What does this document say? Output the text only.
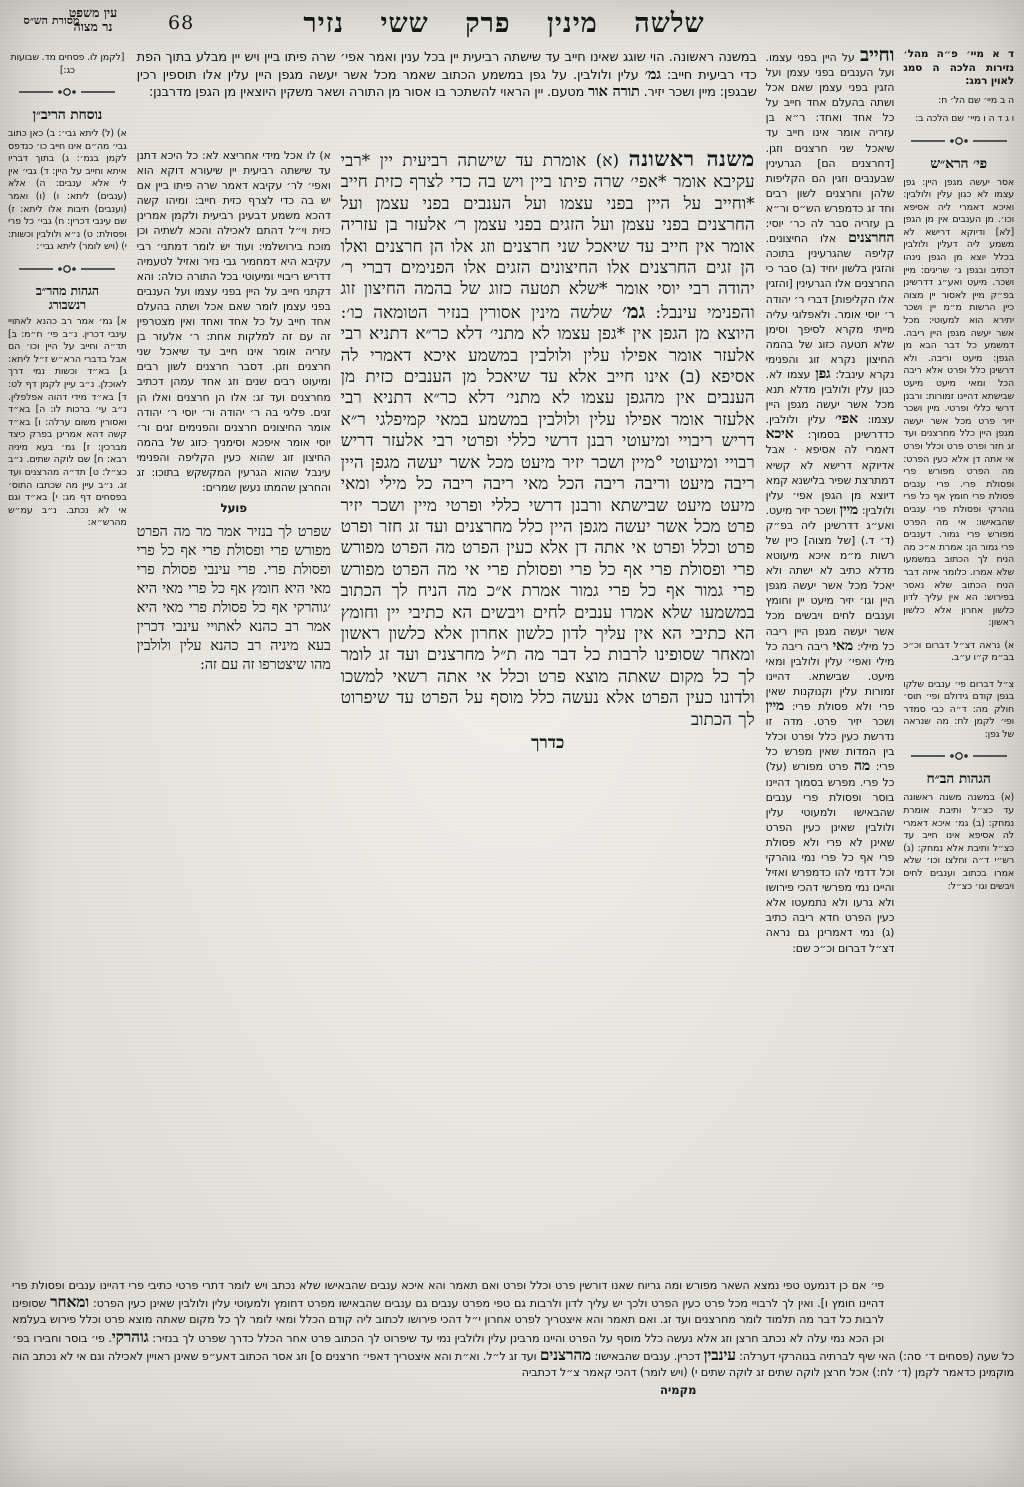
מסורת הש״ס	שלשה מינין פרק ששי נזיר
68
עין משפט
נר מצוה
[לקמן לו. פסחים מד. שבועות כג:]
נוסחת הריב״ן
א) (ל) ליתא גבי׳: ב) כאן כתוב גבי׳ מה״ם אינו חייב כו׳ כנדפס לקמן בגמ׳: ג) בתוך דבריו איתא וחייב על היין: ד) גבי׳ אין לי אלא ענבים: ה) אלא (ענבים) ליתא: ו) (ו) ואמר (וענבים) תיבות אלו ליתא: ז) שם עינבי דכרין: ח) גבי׳ כל פרי ופסולת: ט) נ״א ולולבין וכשות: י) (ויש לומר) ליתא גבי׳:
הגהות מהר״ב
רנשבורג
א] גמ׳ אמר רב כהנא לאתויי עינבי דכרין. נ״ב פי׳ ח״מ: ב] תד״ה וחייב על היין וכו׳ הם אבל בדברי הרא״ש ז״ל ליתא: ג] בא״ד וכשות נמי דרך לאוכלן. נ״ב עיין לקמן דף לט: ד] בא״ד מידי דהוה אפלפלין. נ״ב עי׳ ברכות לו: ה] בא״ד ואסורין משום ערלה: ו] בא״ד קשה דהא אמרינן בפרק כיצד מברכין: ז] גמ׳ בעא מיניה רבא: ח] שם לוקה שתים. נ״ב כצ״ל: ט] תד״ה מהרצנים ועד זג. נ״ב עיין מה שכתבו התוס׳ בפסחים דף מג: י] בא״ד וגם אי לא נכתב. נ״ב עמ״ש מהרש״א:
במשנה ראשונה. הוי שוגג שאינו חייב עד שישתה רביעית יין בכל ענין ואמר אפי׳ שרה פיתו ביין ויש יין מבלע בתוך הפת כדי רביעית חייב: גמ׳ עלין ולולבין. על גפן במשמע הכתוב שאמר מכל אשר יעשה מגפן היין עלין אלו תוספין רכין שבגפן: מיין ושכר יזיר. תורה אור מטעם. יין הראוי להשתכר בו אסור מן התורה ושאר משקין היוצאין מן הגפן מדרבנן:
א) לו אכל מידי אחריצא לא: כל היכא דתנן עד שישתה רביעית יין שיעורא דוקא הוא ואפי׳ לר׳ עקיבא דאמר שרה פיתו ביין אם יש בה כדי לצרף כזית חייב: ומיהו קשה דהכא משמע דבעינן רביעית ולקמן אמרינן כזית וי״ל דהתם לאכילה והכא לשתיה וכן מוכח בירושלמי: ועוד יש לומר דמתני׳ רבי עקיבא היא דמחמיר גבי נזיר ואזיל לטעמיה דדריש ריבויי ומיעוטי בכל התורה כולה: והא דקתני חייב על היין בפני עצמו ועל הענבים בפני עצמן לומר שאם אכל ושתה בהעלם אחד חייב על כל אחד ואחד ואין מצטרפין זה עם זה למלקות אחת: ר׳ אלעזר בן עזריה אומר אינו חייב עד שיאכל שני חרצנים וזגן. דסבר חרצנים לשון רבים ומיעוט רבים שנים וזג אחד עמהן דכתיב מחרצנים ועד זג: אלו הן חרצנים ואלו הן זגים. פליגי בה ר׳ יהודה ור׳ יוסי ר׳ יהודה אומר החיצונים חרצנים והפנימים זגים ור׳ יוסי אומר איפכא וסימניך כזוג של בהמה החיצון זוג שהוא כעין הקליפה והפנימי עינבל שהוא הגרעין המקשקש בתוכו: זג והחרצן שהמתו נעשן שמרים:
פועל
שפרט לך בנזיר אמר מר מה הפרט מפורש פרי ופסולת פרי אף כל פרי ופסולת פרי. פרי עינבי פסולת פרי מאי היא חומץ אף כל פרי מאי היא ׳גוהרקי אף כל פסולת פרי מאי היא אמר רב כהנא לאתויי עינבי דכרין בעא מיניה רב כהנא עלין ולולבין מהו שיצטרפו זה עם זה:
משנה ראשונה (א) אומרת עד שישתה רביעית יין *רבי עקיבא אומר *אפי׳ שרה פיתו ביין ויש בה כדי לצרף כזית חייב *וחייב על היין בפני עצמו ועל הענבים בפני עצמן ועל החרצנים בפני עצמן ועל הזגים בפני עצמן ר׳ אלעזר בן עזריה אומר אין חייב עד שיאכל שני חרצנים וזג אלו הן חרצנים ואלו הן זגים החרצנים אלו החיצונים הזגים אלו הפנימים דברי ר׳ יהודה רבי יוסי אומר *שלא תטעה כזוג של בהמה החיצון זוג והפנימי עינבל: גמ׳ שלשה מינין אסורין בנזיר הטומאה כו׳: היוצא מן הגפן אין *גפן עצמו לא מתני׳ דלא כר״א דתניא רבי אלעזר אומר אפילו עלין ולולבין במשמע איכא דאמרי לה אסיפא (ב) אינו חייב אלא עד שיאכל מן הענבים כזית מן הענבים אין מהגפן עצמו לא מתני׳ דלא כר״א דתניא רבי אלעזר אומר אפילו עלין ולולבין במשמע במאי קמיפלגי ר״א דריש ריבויי ומיעוטי רבנן דרשי כללי ופרטי רבי אלעזר דריש רבויי ומיעוטי °מיין ושכר יזיר מיעט מכל אשר יעשה מגפן היין ריבה מיעט וריבה ריבה הכל מאי ריבה ריבה כל מילי ומאי מיעט מיעט שבישתא ורבנן דרשי כללי ופרטי מיין ושכר יזיר פרט מכל אשר יעשה מגפן היין כלל מחרצנים ועד זג חזר ופרט פרט וכלל ופרט אי אתה דן אלא כעין הפרט מה הפרט מפורש פרי ופסולת פרי אף כל פרי ופסולת פרי אי מה הפרט מפורש פרי גמור אף כל פרי גמור אמרת א״כ מה הניח לך הכתוב במשמעו שלא אמרו ענבים לחים ויבשים הא כתיבי יין וחומץ הא כתיבי הא אין עליך לדון כלשון אחרון אלא כלשון ראשון ומאחר שסופינו לרבות כל דבר מה ת״ל מחרצנים ועד זג לומר לך כל מקום שאתה מוצא פרט וכלל אי אתה רשאי למשכו ולדונו כעין הפרט אלא נעשה כלל מוסף על הפרט עד שיפרוט לך הכתוב
כדרך
וחייב על היין בפני עצמו. ועל הענבים בפני עצמן ועל הזגין בפני עצמן שאם אכל ושתה בהעלם אחד חייב על כל אחד ואחד: ר״א בן עזריה אומר אינו חייב עד שיאכל שני חרצנים וזגן. [דחרצנים הם] הגרעינין שבענבים וזגין הם הקליפות שלהן וחרצנים לשון רבים וחד זג כדמפרש הש״ס ור״א בן עזריה סבר לה כר׳ יוסי: החרצנים אלו החיצונים. קליפה שהגרעינין בתוכה והזגין בלשון יחיד (ב) סבר כי החרצנים אלו הגרעינין [והזגין אלו הקליפות] דברי ר׳ יהודה ר׳ יוסי אומר. ולאפלוגי עליה מייתי מקרא לסיפך וסימן שלא תטעה כזוג של בהמה החיצון נקרא זוג והפנימי נקרא עינבל: גפן עצמו לא. כגון עלין ולולבין מדלא תנא מכל אשר יעשה מגפן היין עצמו: אפי׳ עלין ולולבין. כדדרשינן בסמוך: איכא דאמרי לה אסיפא · אבל אדיוקא דרישא לא קשיא דמתרצת שפיר בלישנא קמא דיוצא מן הגפן אפי׳ עלין ולולבין: מיין ושכר יזיר מיעט. ואע״ג דדרשינן ליה בפ״ק (ד׳ ד.) [של מצוה] כיין של רשות מ״מ איכא מיעוטא מדלא כתיב לא ישתה ולא יאכל מכל אשר יעשה מגפן היין וגו׳ יזיר מיעט יין וחומץ וענבים לחים ויבשים מכל אשר יעשה מגפן היין ריבה כל מילי: מאי ריבה ריבה כל מילי ואפי׳ עלין ולולבין ומאי מיעט. שבישתא. דהיינו זמורות עלין וקנוקנות שאין פרי ולא פסולת פרי: מיין ושכר יזיר פרט. מדה זו נדרשת כעין כלל ופרט וכלל בין המדות שאין מפרש כל פרי: מה פרט מפורש (על) כל פרי. מפרש בסמוך דהיינו בוסר ופסולת פרי ענבים שהבאישו ולמעוטי עלין ולולבין שאינן כעין הפרט שאינן לא פרי ולא פסולת פרי אף כל פרי נמי גוהרקי וכל דדמי להו כדמפרש ואזיל והיינו נמי מפרשי דהכי פירושו ולא גרעו ולא נתמעטו אלא כעין הפרט חדא ריבה כתיב (ג) נמי דאמרינן גם נראה דצ״ל דברום וכ״כ שם:

ד א מיי׳ פ״ה מהל׳ נזירות הלכה ה סמג לאוין רמג:

ה ב מיי׳ שם הל׳ ח:

ו ג ד ה ו מיי׳ שם הלכה ב:

פי׳ הרא״ש
אסר יעשה מגפן היין: גפן עצמו לא כגון עלין ולולבין: ואיכא דאמרי ליה אסיפא וכו׳. מן הענבים אין מן הגפן [לא] ודיוקא דרישא לא משמע ליה דעלין ולולבין בכלל יוצא מן הגפן נינהו דכתיב ובגפן ג׳ שריגים: מיין ושכר. מיעט ואע״ג דדרשינן בפ״ק מיין לאסור יין מצוה כיין הרשות מ״מ יין ושכר יתירא הוא למעוטי: מכל אשר יעשה מגפן היין ריבה. דמשמע כל דבר הבא מן הגפן: מיעט וריבה. ולא דרשינן כלל ופרט אלא ריבה הכל ומאי מיעט מיעט שבישתא דהיינו זמורות: ורבנן דרשי כללי ופרטי. מיין ושכר יזיר פרט מכל אשר יעשה מגפן היין כלל מחרצנים ועד זג חזר ופרט פרט וכלל ופרט אי אתה דן אלא כעין הפרט: מה הפרט מפורש פרי ופסולת פרי. פרי ענבים פסולת פרי חומץ אף כל פרי גוהרקי ופסולת פרי ענבים שהבאישו: אי מה הפרט מפורש פרי גמור. דענבים פרי גמור הן: אמרת א״כ מה הניח לך הכתוב במשמעו שלא אמרו. כלומר איזה דבר הניח הכתוב שלא נאסר בפירוש: הא אין עליך לדון כלשון אחרון אלא כלשון ראשון:
א) נראה דצ״ל דברום וכ״כ בב״מ ק״ו ע״ב.
צ״ל דברום פי׳ ענבים שלקו בגפן קודם גידולם ופי׳ תוס׳ חולק מה: ד״ה כבי סמדר ופי׳ לקמן לח: מה שנראה של גפן:
הגהות הב״ח
(א) במשנה משנה ראשונה עד כצ״ל ותיבת אומרת נמחק: (ב) גמ׳ איכא דאמרי לה אסיפא אינו חייב עד כצ״ל ותיבת אלא נמחק: (ג) רש״י ד״ה וחלצו וכו׳ שלא אמרו בכתוב וענבים לחים ויבשים וגו׳ כצ״ל:
פי׳ אם כן דנמעט טפי נמצא השאר מפורש ומה גריוח שאנו דורשין פרט וכלל ופרט ואם תאמר והא איכא ענבים שהבאישו שלא נכתב ויש לומר דתרי פרטי כתיבי פרי דהיינו ענבים ופסולת פרי דהיינו חומץ ו]. ואין לך לרבויי מכל פרט כעין הפרט ולכך יש עליך לדון ולרבות גם טפי מפרט ענבים גם ענבים שהבאישו מפרט דחומץ ולמעוטי עלין ולולבין שאינן כעין הפרט: ומאחר שסופינו לרבות כל דבר מה תלמוד לומר מחרצנים ועד זג. ואם תאמר והא איצטריך לפרט אחרון י״ל דהכי פירושו לכתוב ליה קודם הכלל ומאי לומר לך כל מקום שאתה מוצא פרט וכלל פירוש בעלמא וכן הכא נמי עלה לא נכתב חרצן וזג אלא נעשה כלל מוסף על הפרט והיינו מרבינן עלין ולולבין נמי עד שיפרוט לך הכתוב פרט אחר הכלל כדרך שפרט לך בנזיר: גוהרקי. פי׳ בוסר וחבירו בפ׳ כל שעה (פסחים ד׳ סה:) האי שיף לברתיה בגוהרקי דערלה: עינבין דכרין. ענבים שהבאישו: מהרצנים ועד זג ל״ל. וא״ת והא איצטריך דאפי׳ חרצנים ס] וזג אסר הכתוב דאע״פ שאינן ראויין לאכילה וגם אי לא נכתב הוה מוקמינן כדאמר לקמן (ד׳ לח:) אכל חרצן לוקה שתים זג לוקה שתים י) (ויש לומר) דהכי קאמר צ״ל דכתביה
מקמיה
